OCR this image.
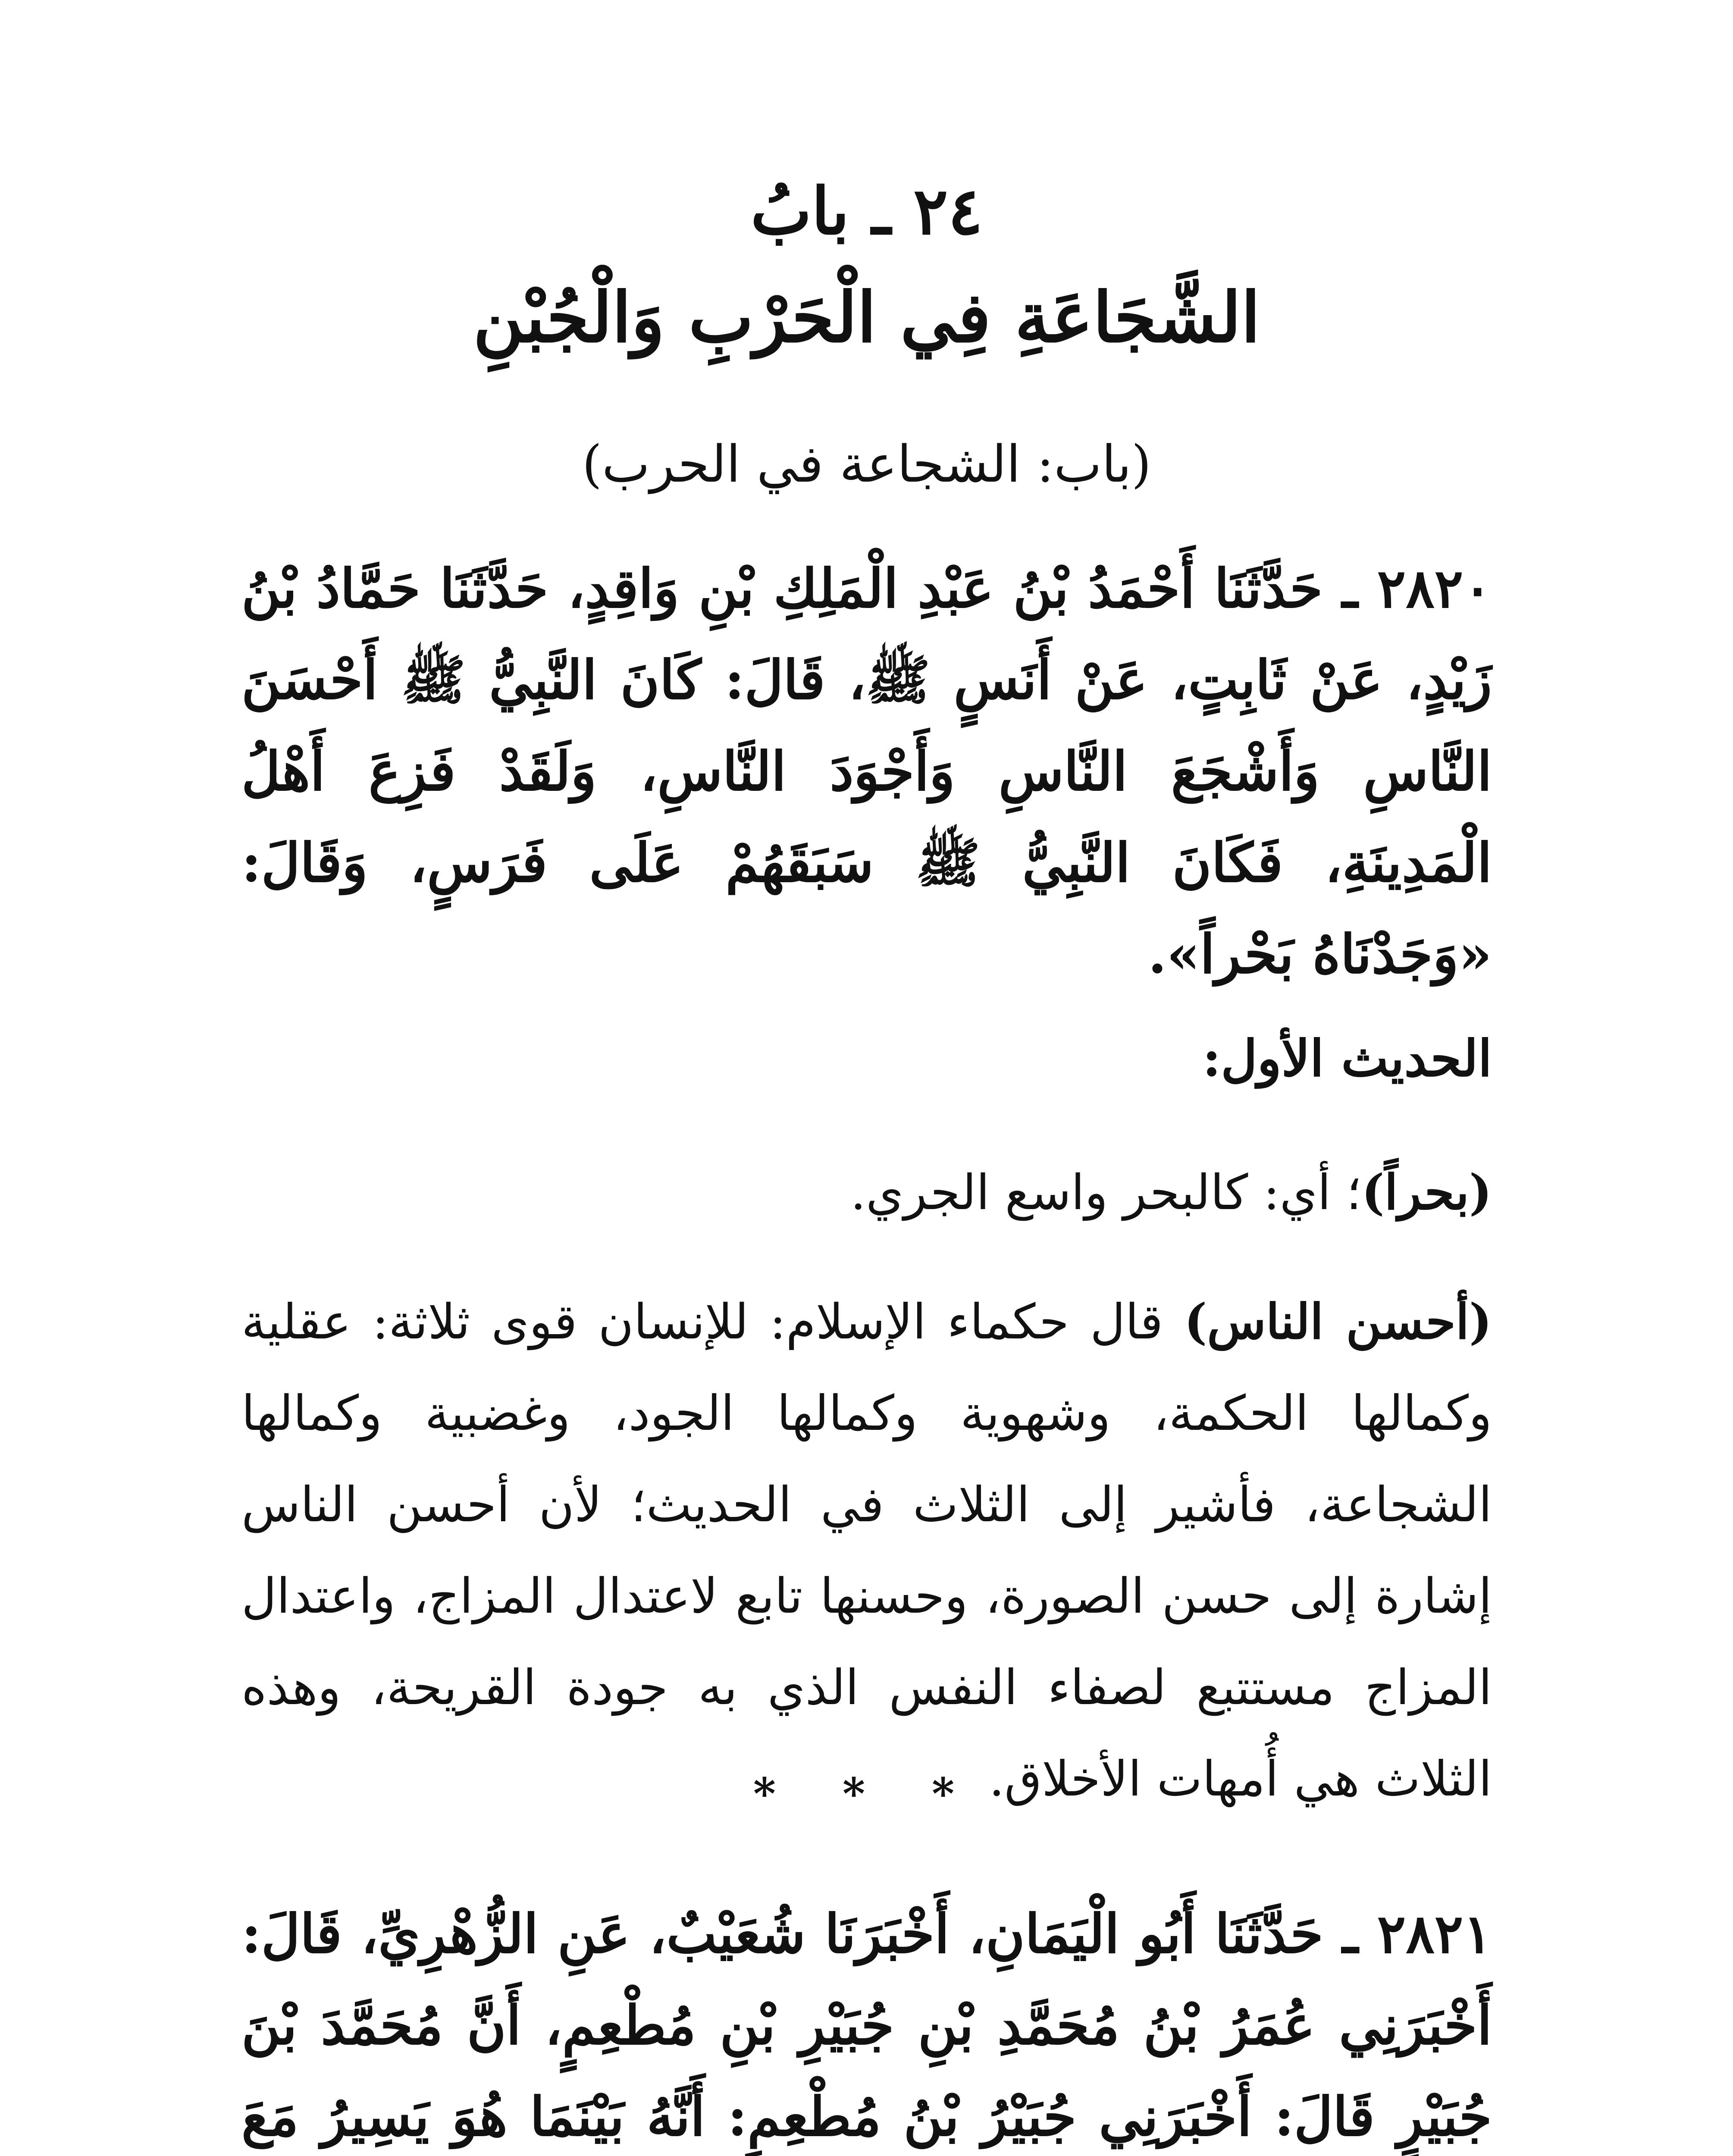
٢٤ ـ بابُ
الشَّجَاعَةِ فِي الْحَرْبِ وَالْجُبْنِ
(باب: الشجاعة في الحرب)
٢٨٢٠ ـ حَدَّثَنَا أَحْمَدُ بْنُ عَبْدِ الْمَلِكِ بْنِ وَاقِدٍ، حَدَّثَنَا حَمَّادُ بْنُ زَيْدٍ، عَنْ ثَابِتٍ، عَنْ أَنَسٍ ﷺ، قَالَ: كَانَ النَّبِيُّ ﷺ أَحْسَنَ النَّاسِ وَأَشْجَعَ النَّاسِ وَأَجْوَدَ النَّاسِ، وَلَقَدْ فَزِعَ أَهْلُ الْمَدِينَةِ، فَكَانَ النَّبِيُّ ﷺ سَبَقَهُمْ عَلَى فَرَسٍ، وَقَالَ: «وَجَدْنَاهُ بَحْراً».
الحديث الأول:
(بحراً)؛ أي: كالبحر واسع الجري.
(أحسن الناس) قال حكماء الإسلام: للإنسان قوى ثلاثة: عقلية وكمالها الحكمة، وشهوية وكمالها الجود، وغضبية وكمالها الشجاعة، فأشير إلى الثلاث في الحديث؛ لأن أحسن الناس إشارة إلى حسن الصورة، وحسنها تابع لاعتدال المزاج، واعتدال المزاج مستتبع لصفاء النفس الذي به جودة القريحة، وهذه الثلاث هي أُمهات الأخلاق.
* * *
٢٨٢١ ـ حَدَّثَنَا أَبُو الْيَمَانِ، أَخْبَرَنَا شُعَيْبٌ، عَنِ الزُّهْرِيِّ، قَالَ: أَخْبَرَنِي عُمَرُ بْنُ مُحَمَّدِ بْنِ جُبَيْرِ بْنِ مُطْعِمٍ، أَنَّ مُحَمَّدَ بْنَ جُبَيْرٍ قَالَ: أَخْبَرَنِي جُبَيْرُ بْنُ مُطْعِمٍ: أَنَّهُ بَيْنَمَا هُوَ يَسِيرُ مَعَ
